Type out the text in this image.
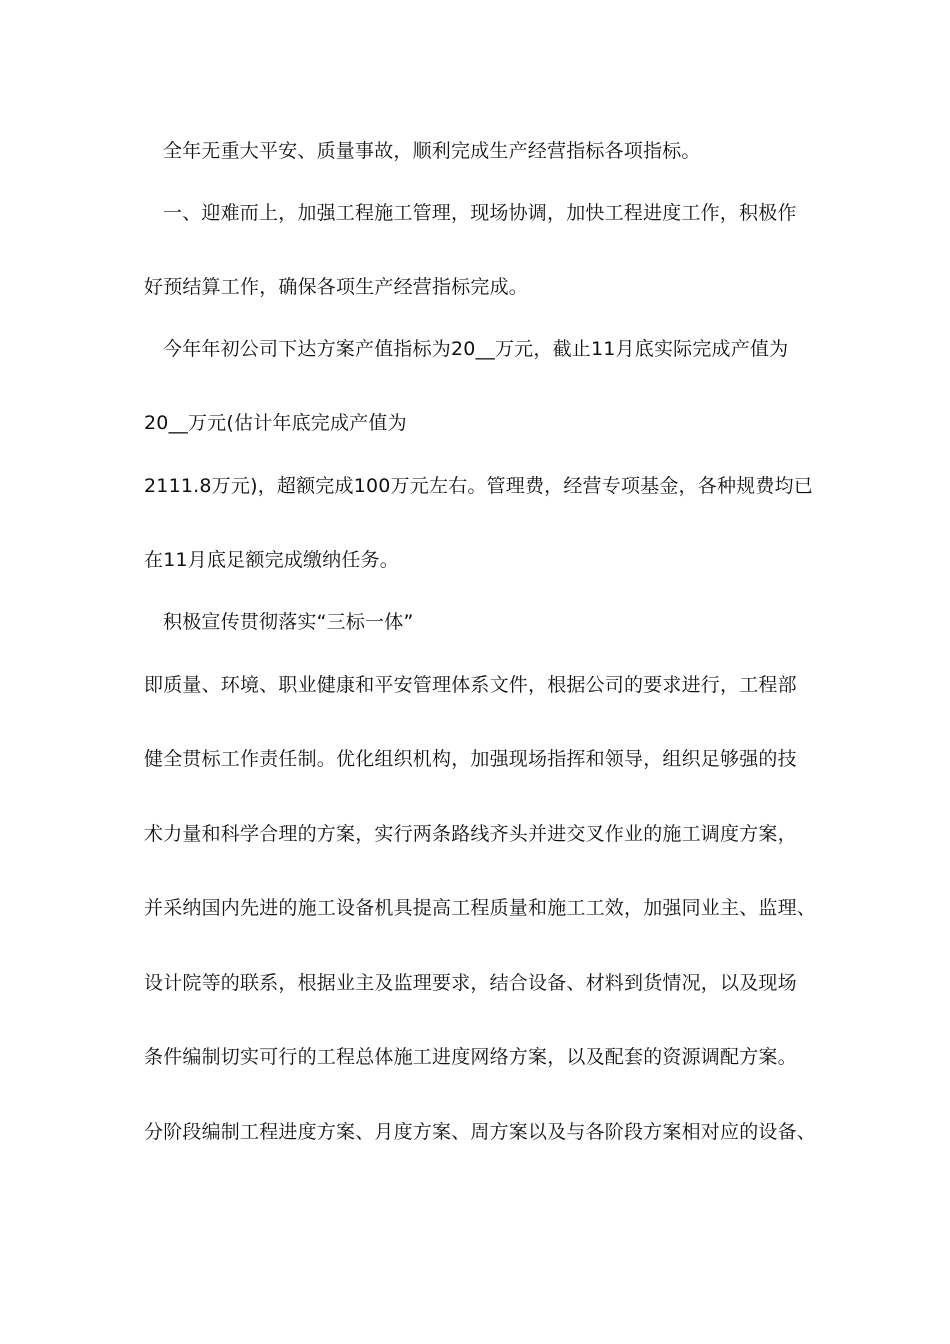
全年无重大平安、质量事故，顺利完成生产经营指标各项指标。
一、迎难而上，加强工程施工管理，现场协调，加快工程进度工作，积极作
好预结算工作，确保各项生产经营指标完成。
今年年初公司下达方案产值指标为20__万元，截止11月底实际完成产值为
20__万元(估计年底完成产值为
2111.8万元)，超额完成100万元左右。管理费，经营专项基金，各种规费均已
在11月底足额完成缴纳任务。
积极宣传贯彻落实“三标一体”
即质量、环境、职业健康和平安管理体系文件，根据公司的要求进行，工程部
健全贯标工作责任制。优化组织机构，加强现场指挥和领导，组织足够强的技
术力量和科学合理的方案，实行两条路线齐头并进交叉作业的施工调度方案，
并采纳国内先进的施工设备机具提高工程质量和施工工效，加强同业主、监理、
设计院等的联系，根据业主及监理要求，结合设备、材料到货情况，以及现场
条件编制切实可行的工程总体施工进度网络方案，以及配套的资源调配方案。
分阶段编制工程进度方案、月度方案、周方案以及与各阶段方案相对应的设备、
